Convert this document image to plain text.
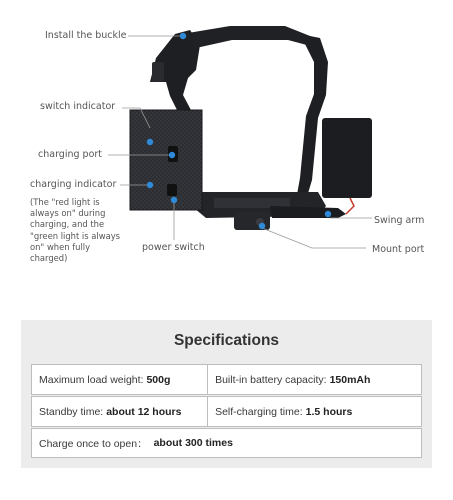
Install the buckle
switch indicator
charging port
charging indicator
power switch
Swing arm
Mount port
(The "red light is
always on" during
charging, and the
"green light is always
on" when fully
charged)
Specifications
Maximum load weight: 500g	Built-in battery capacity: 150mAh
Standby time: about 12 hours	Self-charging time: 1.5 hours
Charge once to open： about 300 times
